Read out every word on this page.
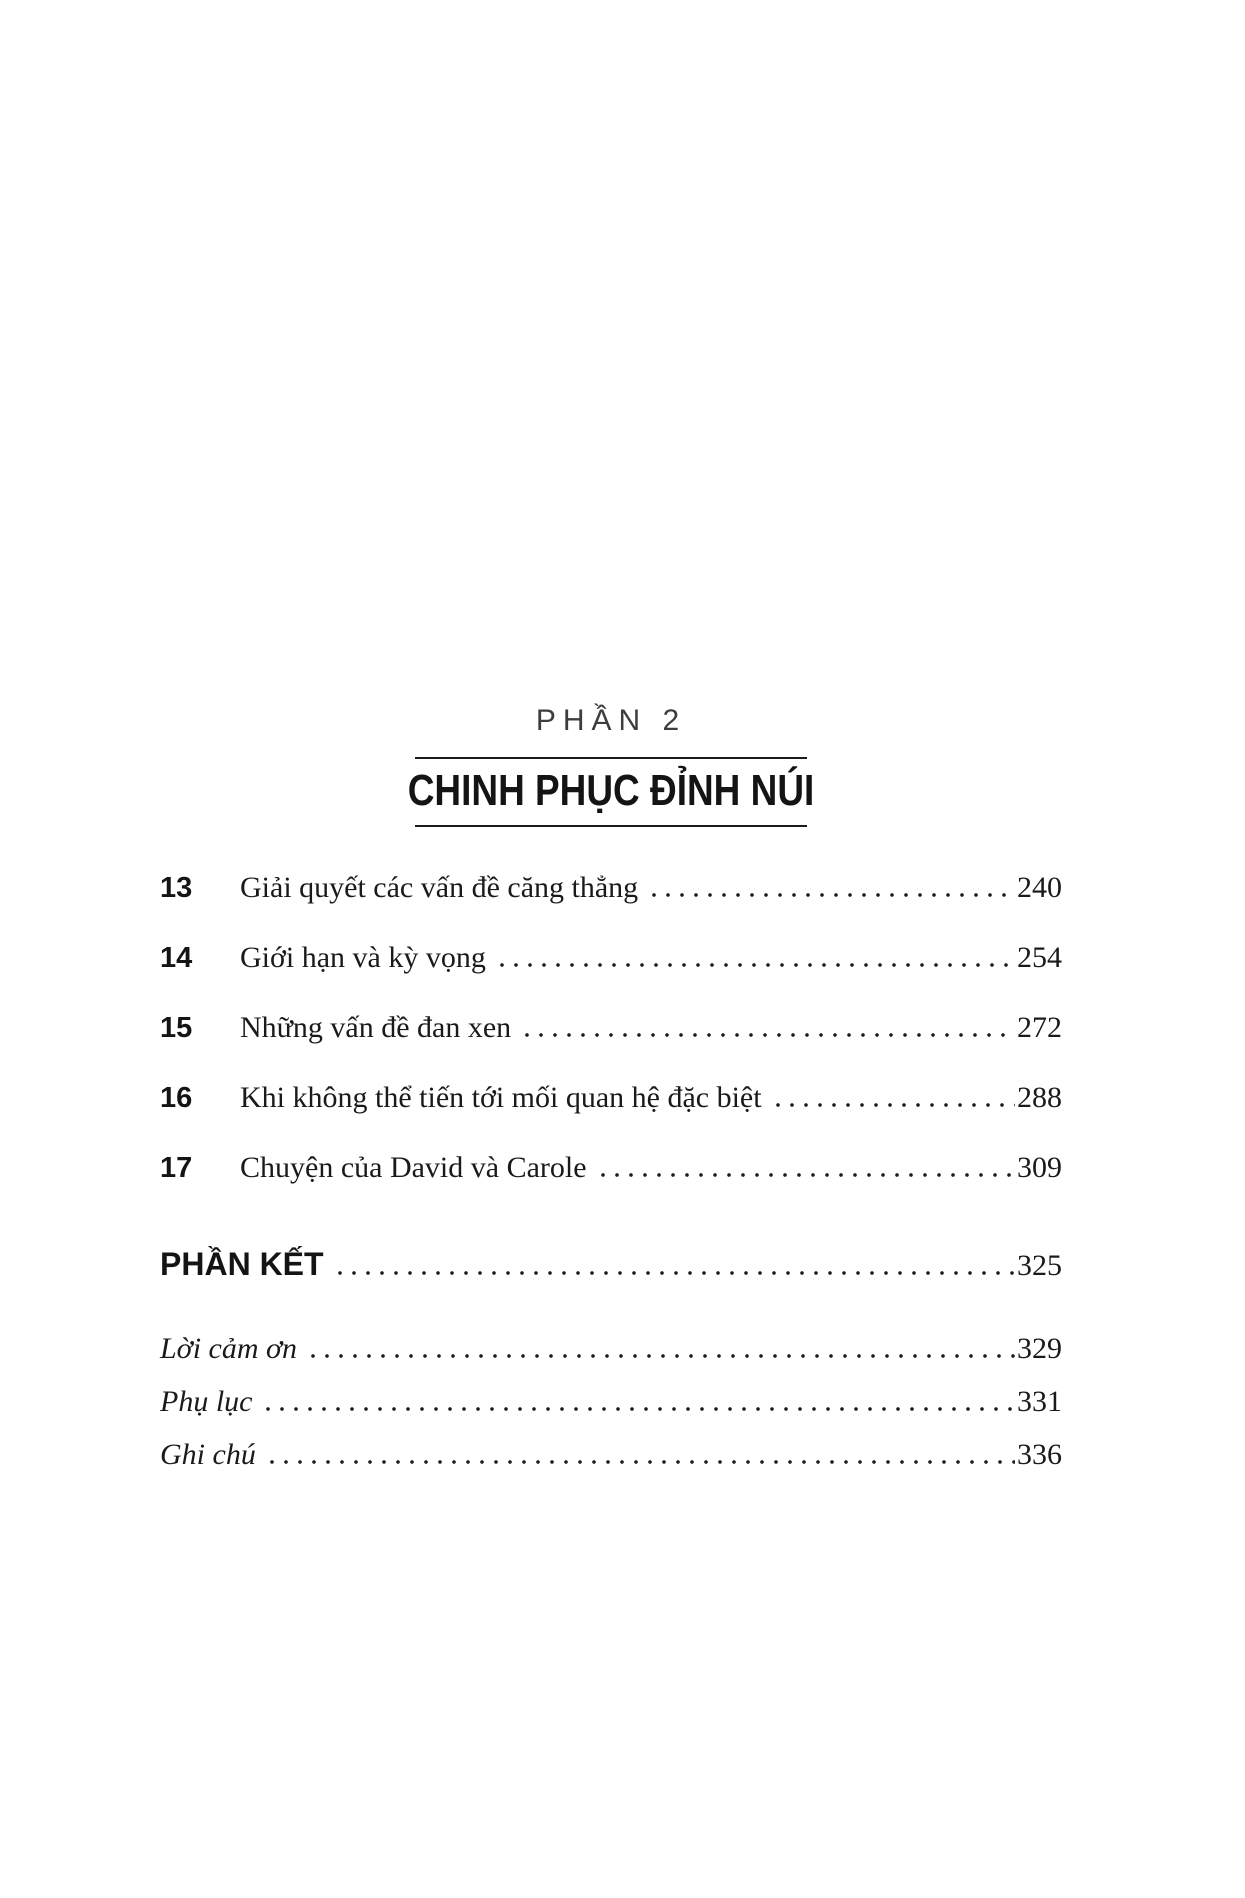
PHẦN 2
CHINH PHỤC ĐỈNH NÚI
13	Giải quyết các vấn đề căng thẳng	240
14	Giới hạn và kỳ vọng	254
15	Những vấn đề đan xen	272
16	Khi không thể tiến tới mối quan hệ đặc biệt	288
17	Chuyện của David và Carole	309
PHẦN KẾT	325
Lời cảm ơn	329
Phụ lục	331
Ghi chú	336
